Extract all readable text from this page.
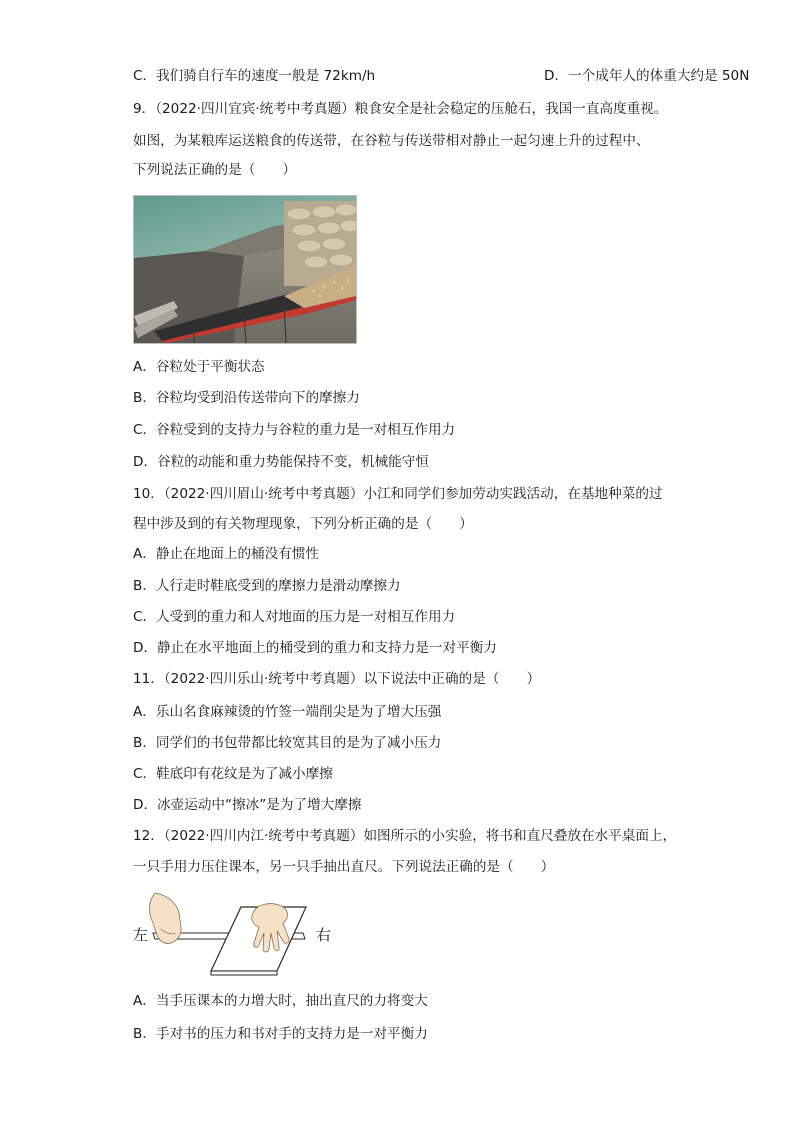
C．我们骑自行车的速度一般是 72km/h	D．一个成年人的体重大约是 50N
9．（2022·四川宜宾·统考中考真题）粮食安全是社会稳定的压舱石，我国一直高度重视。
如图，为某粮库运送粮食的传送带，在谷粒与传送带相对静止一起匀速上升的过程中、
下列说法正确的是（　　）
A．谷粒处于平衡状态
B．谷粒均受到沿传送带向下的摩擦力
C．谷粒受到的支持力与谷粒的重力是一对相互作用力
D．谷粒的动能和重力势能保持不变，机械能守恒
10．（2022·四川眉山·统考中考真题）小江和同学们参加劳动实践活动，在基地种菜的过
程中涉及到的有关物理现象，下列分析正确的是（　　）
A．静止在地面上的桶没有惯性
B．人行走时鞋底受到的摩擦力是滑动摩擦力
C．人受到的重力和人对地面的压力是一对相互作用力
D．静止在水平地面上的桶受到的重力和支持力是一对平衡力
11．（2022·四川乐山·统考中考真题）以下说法中正确的是（　　）
A．乐山名食麻辣烫的竹签一端削尖是为了增大压强
B．同学们的书包带都比较宽其目的是为了减小压力
C．鞋底印有花纹是为了减小摩擦
D．冰壶运动中“擦冰”是为了增大摩擦
12．（2022·四川内江·统考中考真题）如图所示的小实验，将书和直尺叠放在水平桌面上，
一只手用力压住课本，另一只手抽出直尺。下列说法正确的是（　　）
左	右
A．当手压课本的力增大时，抽出直尺的力将变大
B．手对书的压力和书对手的支持力是一对平衡力
